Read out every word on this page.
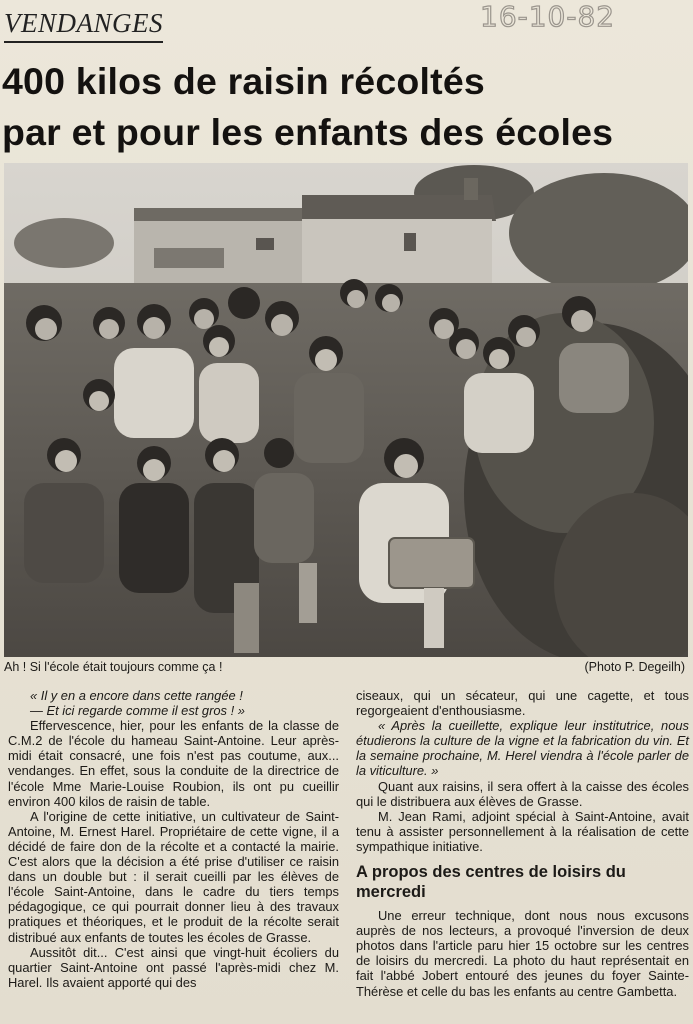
VENDANGES	16-10-82
400 kilos de raisin récoltés
par et pour les enfants des écoles
Ah ! Si l'école était toujours comme ça !	(Photo P. Degeilh)

« Il y en a encore dans cette rangée !

— Et ici regarde comme il est gros ! »

Effervescence, hier, pour les enfants de la classe de C.M.2 de l'école du hameau Saint-Antoine. Leur après-midi était consacré, une fois n'est pas coutume, aux... vendanges. En effet, sous la conduite de la directrice de l'école Mme Marie-Louise Roubion, ils ont pu cueillir environ 400 kilos de raisin de table.

A l'origine de cette initiative, un cultivateur de Saint-Antoine, M. Ernest Harel. Propriétaire de cette vigne, il a décidé de faire don de la récolte et a contacté la mairie. C'est alors que la décision a été prise d'utiliser ce raisin dans un double but : il serait cueilli par les élèves de l'école Saint-Antoine, dans le cadre du tiers temps pédagogique, ce qui pourrait donner lieu à des travaux pratiques et théoriques, et le produit de la récolte serait distribué aux enfants de toutes les écoles de Grasse.

Aussitôt dit... C'est ainsi que vingt-huit écoliers du quartier Saint-Antoine ont passé l'après-midi chez M. Harel. Ils avaient apporté qui des

ciseaux, qui un sécateur, qui une cagette, et tous regorgeaient d'enthousiasme.

« Après la cueillette, explique leur institutrice, nous étudierons la culture de la vigne et la fabrication du vin. Et la semaine prochaine, M. Herel viendra à l'école parler de la viticulture. »

Quant aux raisins, il sera offert à la caisse des écoles qui le distribuera aux élèves de Grasse.

M. Jean Rami, adjoint spécial à Saint-Antoine, avait tenu à assister personnellement à la réalisation de cette sympathique initiative.

A propos des centres de loisirs du mercredi

Une erreur technique, dont nous nous excusons auprès de nos lecteurs, a provoqué l'inversion de deux photos dans l'article paru hier 15 octobre sur les centres de loisirs du mercredi. La photo du haut représentait en fait l'abbé Jobert entouré des jeunes du foyer Sainte-Thérèse et celle du bas les enfants au centre Gambetta.
